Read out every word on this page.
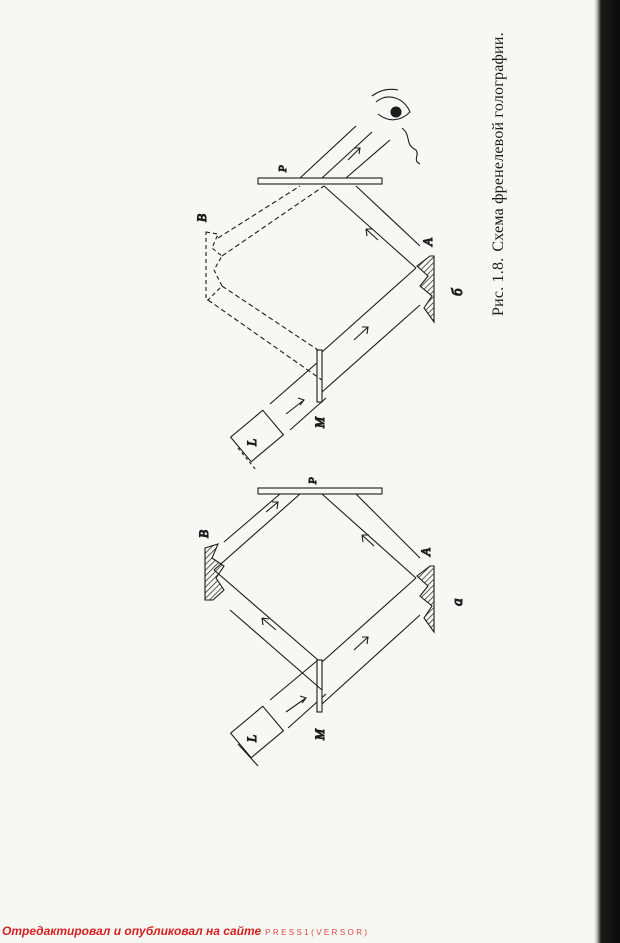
L	M
P
A
В
а
L
M
P
A
В
б Рис. 1.8.Схема френелевой голографии.
Отредактировал и опубликовал на сайте PRESS1(VERSOR)
